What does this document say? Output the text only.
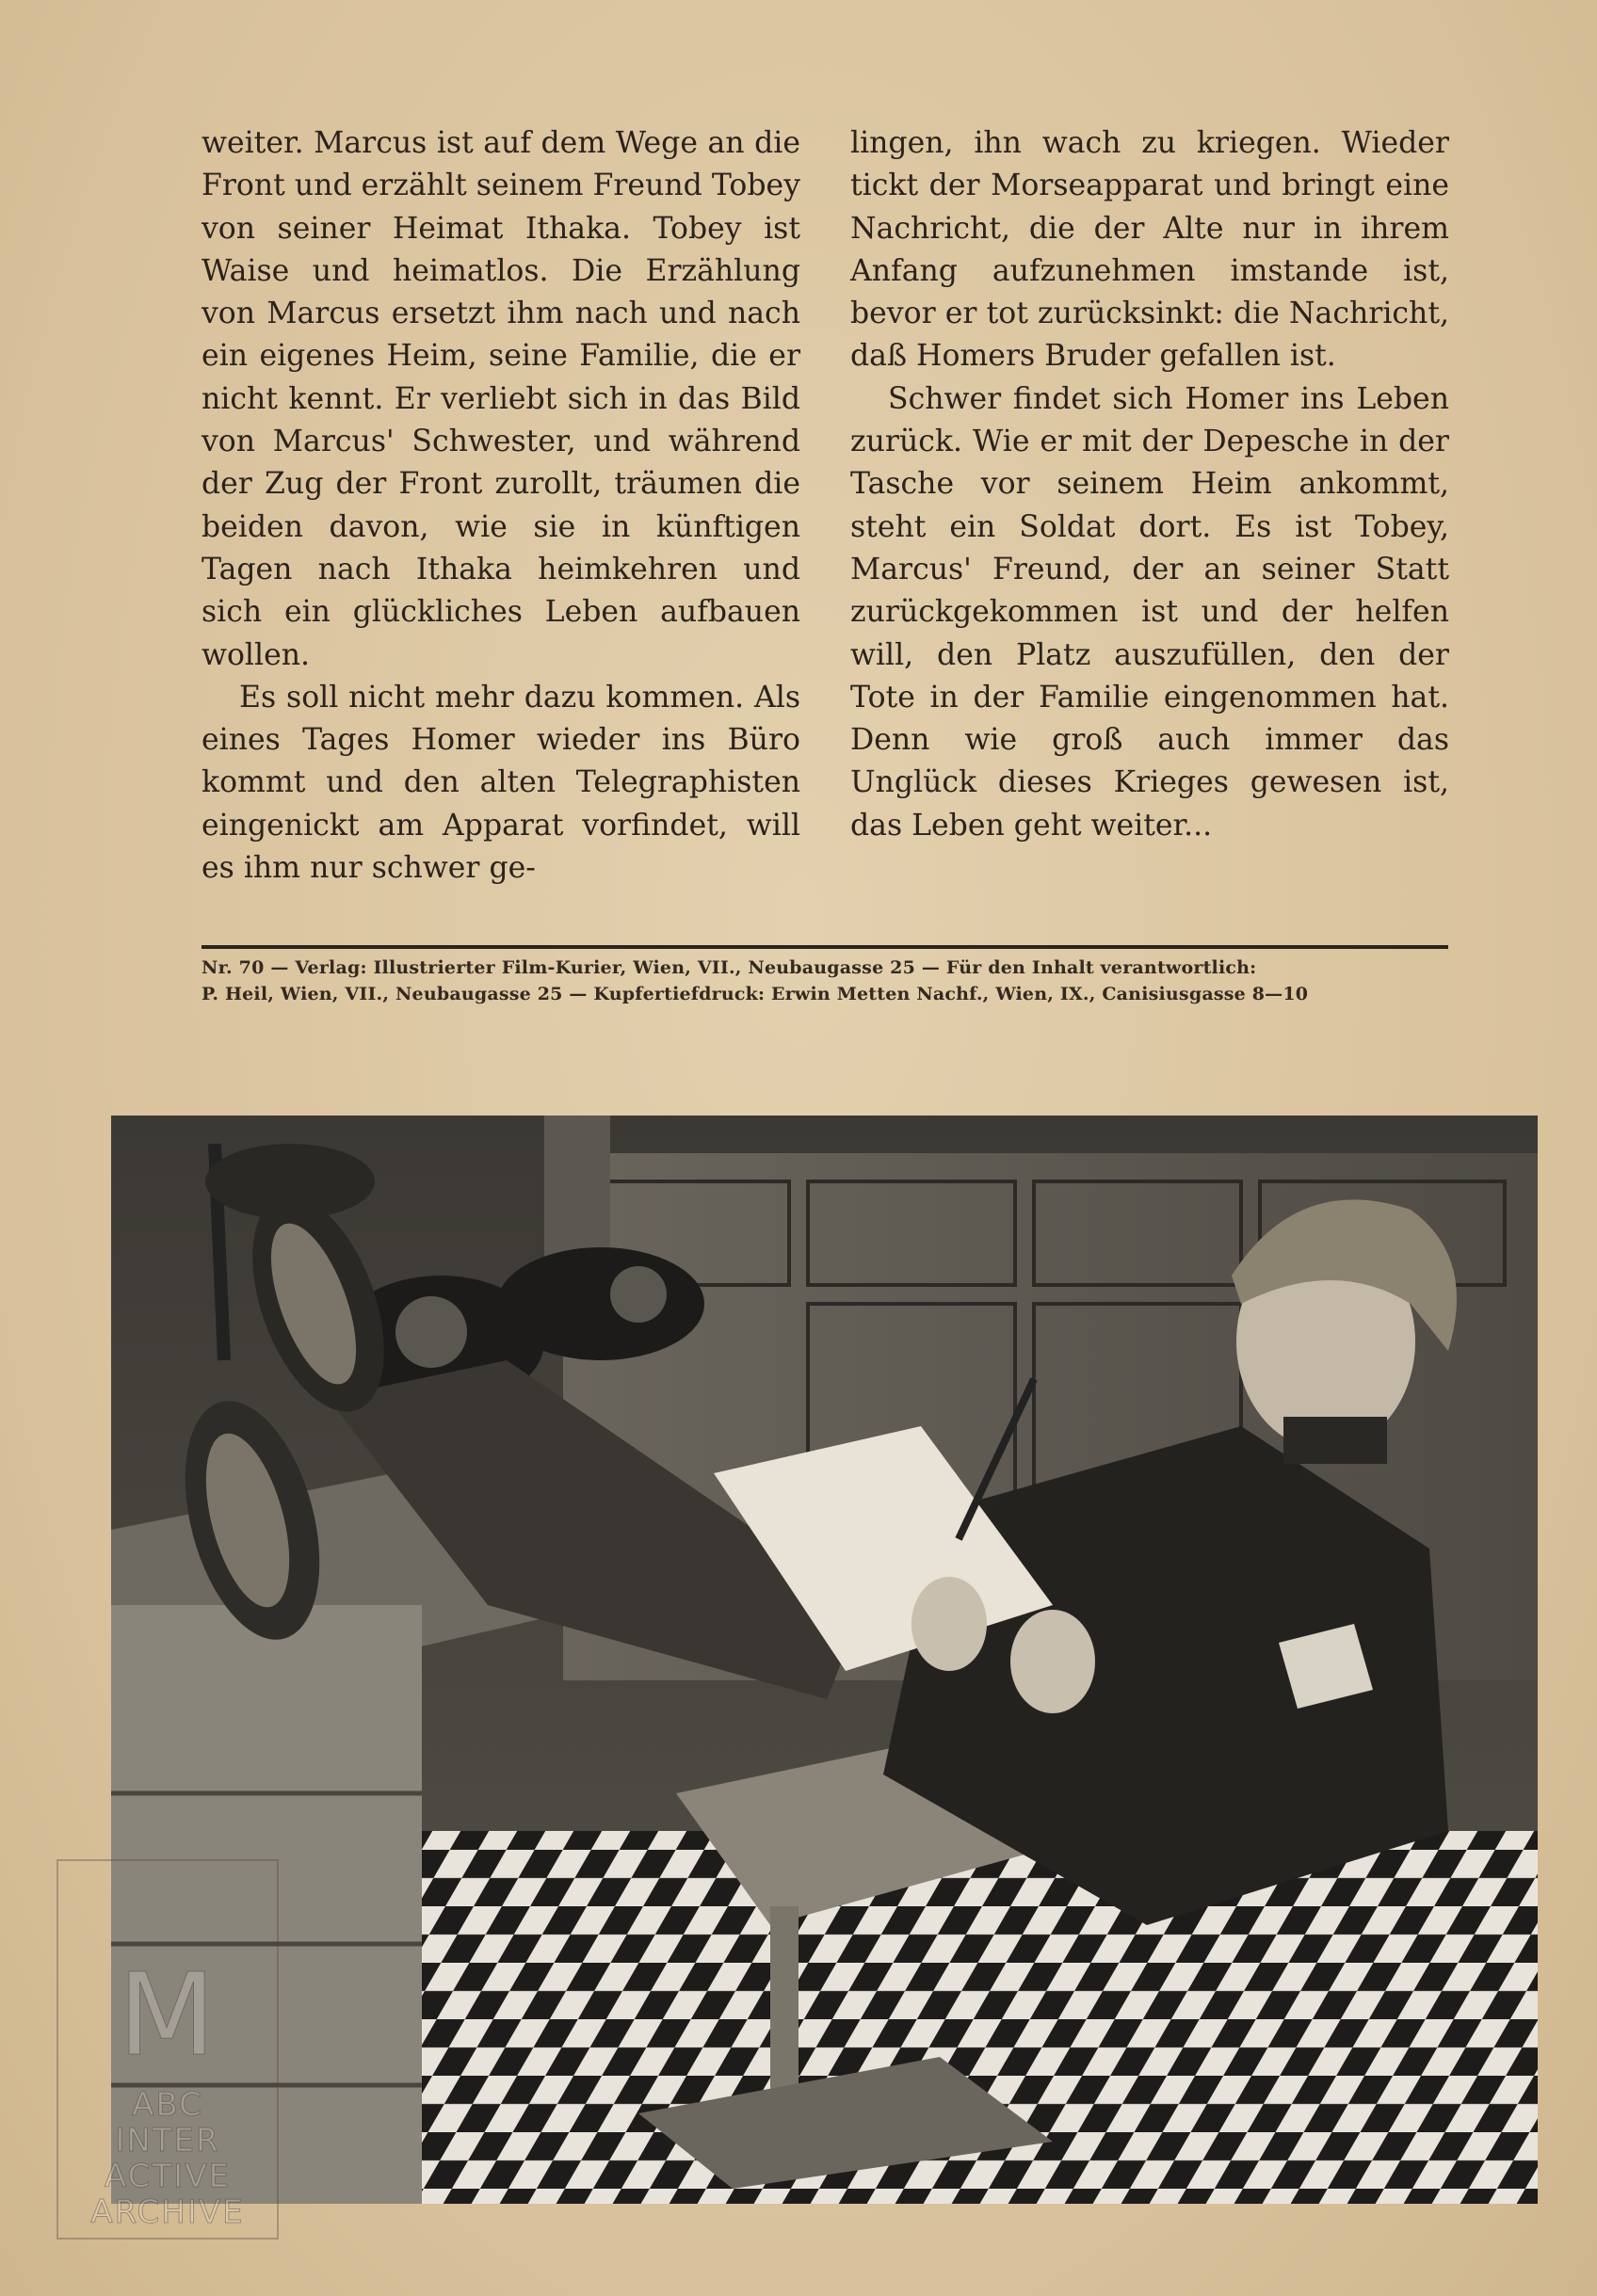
weiter. Marcus ist auf dem Wege an die Front und erzählt seinem Freund Tobey von seiner Heimat Ithaka. Tobey ist Waise und heimatlos. Die Erzählung von Marcus ersetzt ihm nach und nach ein eigenes Heim, seine Familie, die er nicht kennt. Er verliebt sich in das Bild von Marcus' Schwester, und während der Zug der Front zurollt, träumen die beiden davon, wie sie in künftigen Tagen nach Ithaka heimkehren und sich ein glückliches Leben aufbauen wollen.

Es soll nicht mehr dazu kommen. Als eines Tages Homer wieder ins Büro kommt und den alten Telegraphisten eingenickt am Apparat vorfindet, will es ihm nur schwer ge-

lingen, ihn wach zu kriegen. Wieder tickt der Morseapparat und bringt eine Nachricht, die der Alte nur in ihrem Anfang aufzunehmen imstande ist, bevor er tot zurücksinkt: die Nachricht, daß Homers Bruder gefallen ist.

Schwer findet sich Homer ins Leben zurück. Wie er mit der Depesche in der Tasche vor seinem Heim ankommt, steht ein Soldat dort. Es ist Tobey, Marcus' Freund, der an seiner Statt zurückgekommen ist und der helfen will, den Platz auszufüllen, den der Tote in der Familie eingenommen hat. Denn wie groß auch immer das Unglück dieses Krieges gewesen ist, das Leben geht weiter...

Nr. 70 — Verlag: Illustrierter Film-Kurier, Wien, VII., Neubaugasse 25 — Für den Inhalt verantwortlich:
P. Heil, Wien, VII., Neubaugasse 25 — Kupfertiefdruck: Erwin Metten Nachf., Wien, IX., Canisiusgasse 8—10
M
ABC
INTER
ACTIVE
ARCHIVE
